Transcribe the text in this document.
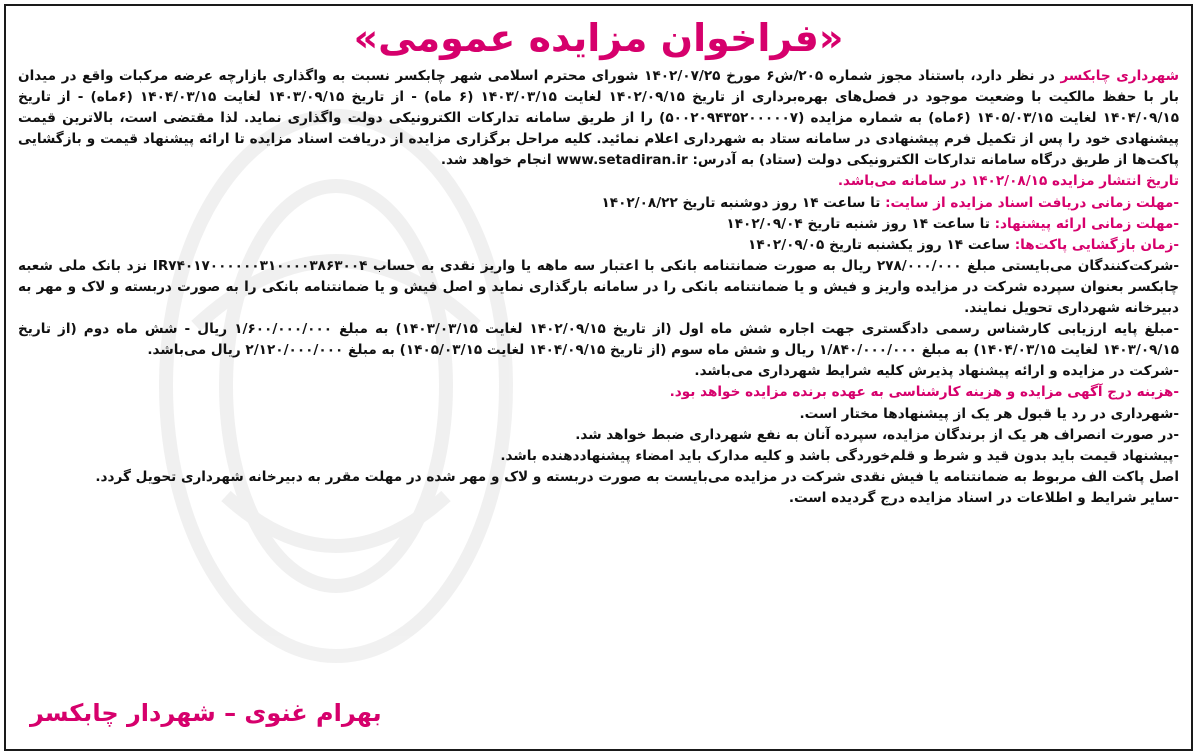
«فراخوان مزایده عمومی»

شهرداری چابکسر در نظر دارد، باستناد مجوز شماره ۲۰۵/ش۶ مورخ ۱۴۰۲/۰۷/۲۵ شورای محترم اسلامی شهر چابکسر نسبت به واگذاری بازارچه عرضه مرکبات واقع در میدان بار با حفظ مالکیت با وضعیت موجود در فصل‌های بهره‌برداری از تاریخ ۱۴۰۲/۰۹/۱۵ لغایت ۱۴۰۳/۰۳/۱۵ (۶ ماه) - از تاریخ ۱۴۰۳/۰۹/۱۵ لغایت ۱۴۰۴/۰۳/۱۵ (۶ماه) - از تاریخ ۱۴۰۴/۰۹/۱۵ لغایت ۱۴۰۵/۰۳/۱۵ (۶ماه) به شماره مزایده (۵۰۰۲۰۹۴۳۵۲۰۰۰۰۰۷) را از طریق سامانه تدارکات الکترونیکی دولت واگذاری نماید. لذا مقتضی است، بالاترین قیمت پیشنهادی خود را پس از تکمیل فرم پیشنهادی در سامانه ستاد به شهرداری اعلام نمائید. کلیه مراحل برگزاری مزایده از دریافت اسناد مزایده تا ارائه پیشنهاد قیمت و بازگشایی پاکت‌ها از طریق درگاه سامانه تدارکات الکترونیکی دولت (ستاد) به آدرس: www.setadiran.ir انجام خواهد شد.

تاریخ انتشار مزایده ۱۴۰۲/۰۸/۱۵ در سامانه می‌باشد.

-مهلت زمانی دریافت اسناد مزایده از سایت: تا ساعت ۱۴ روز دوشنبه تاریخ ۱۴۰۲/۰۸/۲۲

-مهلت زمانی ارائه پیشنهاد: تا ساعت ۱۴ روز شنبه تاریخ ۱۴۰۲/۰۹/۰۴

-زمان بازگشایی پاکت‌ها: ساعت ۱۴ روز یکشنبه تاریخ ۱۴۰۲/۰۹/۰۵

-شرکت‌کنندگان می‌بایستی مبلغ ۲۷۸/۰۰۰/۰۰۰ ریال به صورت ضمانتنامه بانکی با اعتبار سه ماهه یا واریز نقدی به حساب IR۷۴۰۱۷۰۰۰۰۰۰۳۱۰۰۰۰۳۸۶۳۰۰۴ نزد بانک ملی شعبه چابکسر بعنوان سپرده شرکت در مزایده واریز و فیش و یا ضمانتنامه بانکی را در سامانه بارگذاری نماید و اصل فیش و یا ضمانتنامه بانکی را به صورت دربسته و لاک و مهر به دبیرخانه شهرداری تحویل نمایند.

-مبلغ پایه ارزیابی کارشناس رسمی دادگستری جهت اجاره شش ماه اول (از تاریخ ۱۴۰۲/۰۹/۱۵ لغایت ۱۴۰۳/۰۳/۱۵) به مبلغ ۱/۶۰۰/۰۰۰/۰۰۰ ریال - شش ماه دوم (از تاریخ ۱۴۰۳/۰۹/۱۵ لغایت ۱۴۰۴/۰۳/۱۵) به مبلغ ۱/۸۴۰/۰۰۰/۰۰۰ ریال و شش ماه سوم (از تاریخ ۱۴۰۴/۰۹/۱۵ لغایت ۱۴۰۵/۰۳/۱۵) به مبلغ ۲/۱۲۰/۰۰۰/۰۰۰ ریال می‌باشد.

-شرکت در مزایده و ارائه پیشنهاد پذیرش کلیه شرایط شهرداری می‌باشد.

-هزینه درج آگهی مزایده و هزینه کارشناسی به عهده برنده مزایده خواهد بود.

-شهرداری در رد یا قبول هر یک از پیشنهادها مختار است.

-در صورت انصراف هر یک از برندگان مزایده، سپرده آنان به نفع شهرداری ضبط خواهد شد.

-پیشنهاد قیمت باید بدون قید و شرط و قلم‌خوردگی باشد و کلیه مدارک باید امضاء پیشنهاددهنده باشد.

اصل پاکت الف مربوط به ضمانتنامه یا فیش نقدی شرکت در مزایده می‌بایست به صورت دربسته و لاک و مهر شده در مهلت مقرر به دبیرخانه شهرداری تحویل گردد.

-سایر شرایط و اطلاعات در اسناد مزایده درج گردیده است.

بهرام غنوی – شهردار چابکسر
